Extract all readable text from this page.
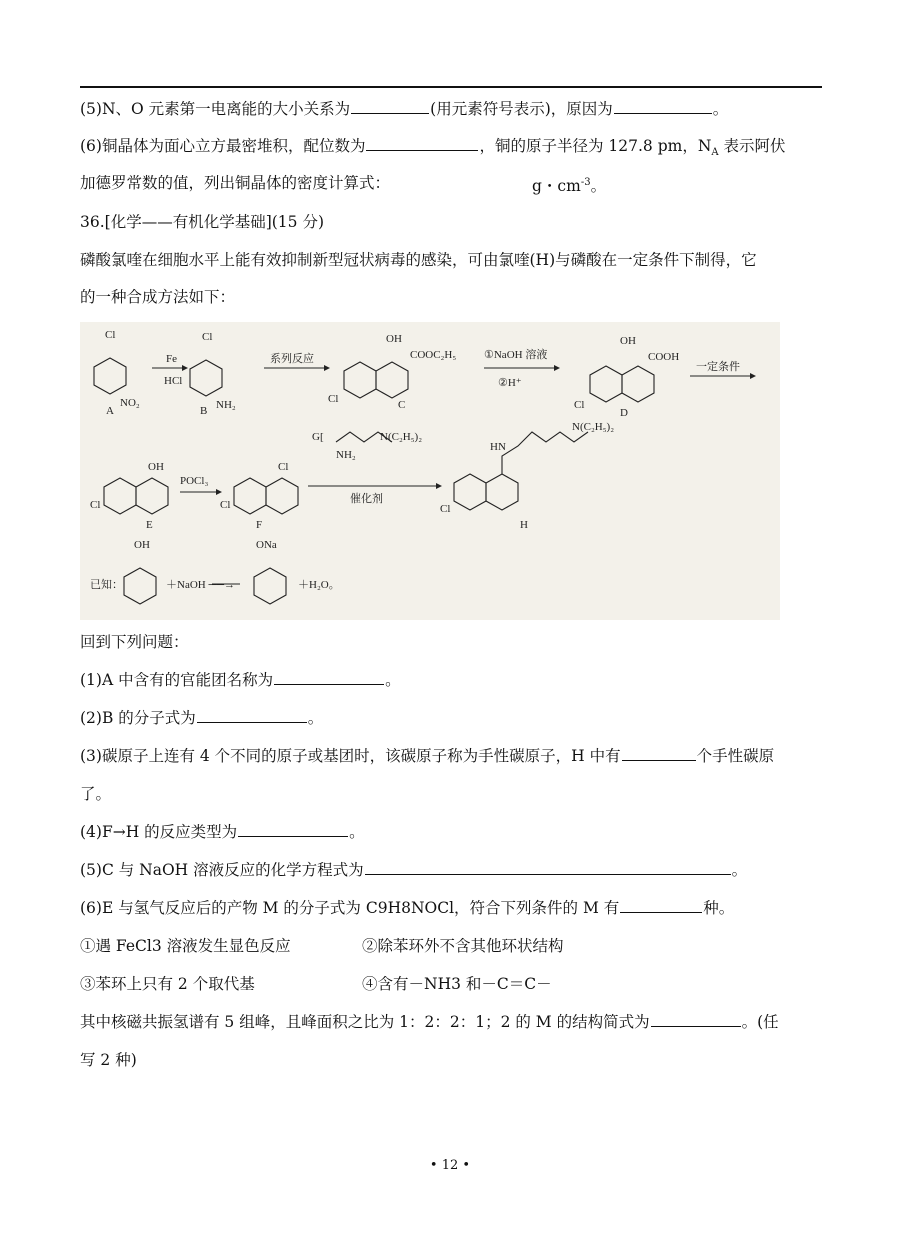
(5)N、O 元素第一电离能的大小关系为	(用元素符号表示)，原因为	。
(6)铜晶体为面心立方最密堆积，配位数为	，铜的原子半径为 127.8 pm，$N_A$ 表示阿伏
加德罗常数的值，列出铜晶体的密度计算式：	g・$cm^{-3}$。
36.[化学——有机化学基础](15 分)
磷酸氯喹在细胞水平上能有效抑制新型冠状病毒的感染，可由氯喹(H)与磷酸在一定条件下制得，它
的一种合成方法如下：
Cl
NO₂
A
Fe
HCl
Cl
NH₂
B
系列反应
OH
COOC₂H₅
Cl	C
①NaOH 溶液
②H⁺
OH
COOH
Cl
D
一定条件
OH
Cl
E
POCl₃
Cl
Cl
F
G[
NH₂
N(C₂H₅)₂
催化剂
HN
N(C₂H₅)₂
Cl
H
OH
已知：	＋NaOH ──→
ONa
＋H₂O。
回到下列问题：
(1)A 中含有的官能团名称为	。
(2)B 的分子式为	。
(3)碳原子上连有 4 个不同的原子或基团时，该碳原子称为手性碳原子，H 中有	个手性碳原
了。
(4)F→H 的反应类型为	。
(5)C 与 NaOH 溶液反应的化学方程式为	。
(6)E 与氢气反应后的产物 M 的分子式为 C9H8NOCl，符合下列条件的 M 有	种。
①遇 FeCl3 溶液发生显色反应	②除苯环外不含其他环状结构
③苯环上只有 2 个取代基	④含有－NH3 和－C＝C－
其中核磁共振氢谱有 5 组峰，且峰面积之比为 1：2：2：1；2 的 M 的结构简式为	。(任
写 2 种)
• 12 •
